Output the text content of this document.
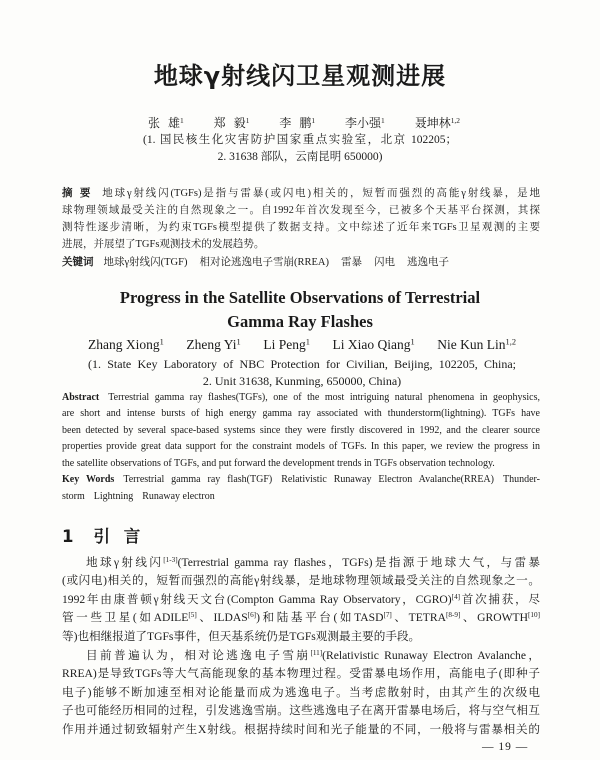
地球γ射线闪卫星观测进展
张 雄$^1$ 郑 毅$^1$ 李 鹏$^1$ 李小强$^1$ 聂坤林$^{1,2}$
(1. 国民核生化灾害防护国家重点实验室，北京 102205；
2. 31638 部队，云南昆明 650000)
摘 要 地球γ射线闪(TGFs)是指与雷暴(或闪电)相关的，短暂而强烈的高能γ射线暴，是地
球物理领域最受关注的自然现象之一。自1992年首次发现至今，已被多个天基平台探测，其探
测特性逐步清晰，为约束TGFs模型提供了数据支持。文中综述了近年来TGFs卫星观测的主要
进展，并展望了TGFs观测技术的发展趋势。
关键词 地球γ射线闪(TGF) 相对论逃逸电子雪崩(RREA) 雷暴 闪电 逃逸电子
Progress in the Satellite Observations of Terrestrial
Gamma Ray Flashes
Zhang Xiong$^1$ Zheng Yi$^1$ Li Peng$^1$ Li Xiao Qiang$^1$ Nie Kun Lin$^{1,2}$
(1. State Key Laboratory of NBC Protection for Civilian, Beijing, 102205, China;
2. Unit 31638, Kunming, 650000, China)
Abstract Terrestrial gamma ray flashes(TGFs), one of the most intriguing natural phenomena in geophysics,
are short and intense bursts of high energy gamma ray associated with thunderstorm(lightning). TGFs have
been detected by several space-based systems since they were firstly discovered in 1992, and the clearer source
properties provide great data support for the constraint models of TGFs. In this paper, we review the progress in
the satellite observations of TGFs, and put forward the development trends in TGFs observation technology.
Key Words Terrestrial gamma ray flash(TGF) Relativistic Runaway Electron Avalanche(RREA) Thunder-
storm Lightning Runaway electron
1 引 言
地球γ射线闪[1-3](Terrestrial gamma ray flashes，TGFs)是指源于地球大气，与雷暴
(或闪电)相关的，短暂而强烈的高能γ射线暴，是地球物理领域最受关注的自然现象之一。
1992年由康普顿γ射线天文台(Compton Gamma Ray Observatory，CGRO)[4]首次捕获，尽
管一些卫星(如ADILE[5]、ILDAS[6])和陆基平台(如TASD[7]、TETRA[8-9]、GROWTH[10]
等)也相继报道了TGFs事件，但天基系统仍是TGFs观测最主要的手段。
目前普遍认为，相对论逃逸电子雪崩[11](Relativistic Runaway Electron Avalanche，
RREA)是导致TGFs等大气高能现象的基本物理过程。受雷暴电场作用，高能电子(即种子
电子)能够不断加速至相对论能量而成为逃逸电子。当考虑散射时，由其产生的次级电
子也可能经历相同的过程，引发逃逸雪崩。这些逃逸电子在离开雷暴电场后，将与空气相互
作用并通过韧致辐射产生X射线。根据持续时间和光子能量的不同，一般将与雷暴相关的
— 19 —
